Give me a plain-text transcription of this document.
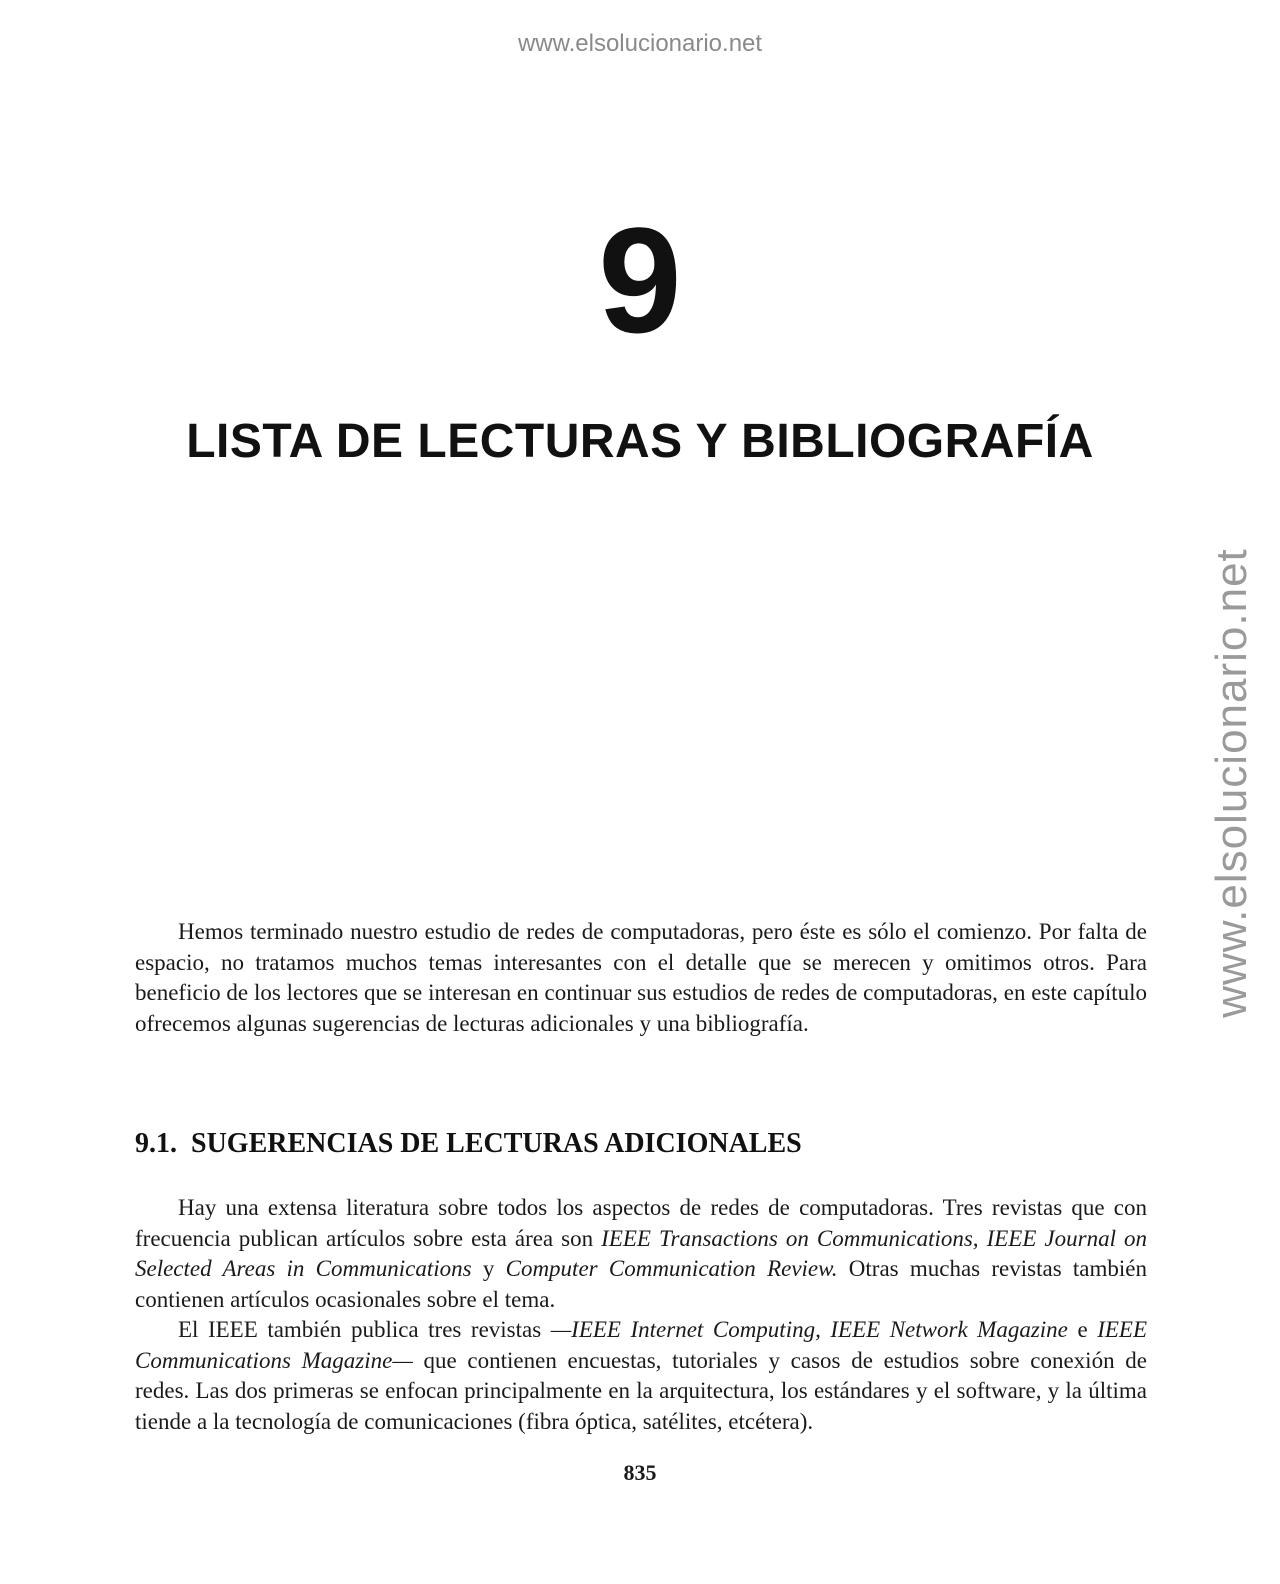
www.elsolucionario.net
www.elsolucionario.net
9
LISTA DE LECTURAS Y BIBLIOGRAFÍA

Hemos terminado nuestro estudio de redes de computadoras, pero éste es sólo el comienzo. Por falta de espacio, no tratamos muchos temas interesantes con el detalle que se merecen y omitimos otros. Para beneficio de los lectores que se interesan en continuar sus estudios de redes de computadoras, en este capítulo ofrecemos algunas sugerencias de lecturas adicionales y una bibliografía.

9.1. SUGERENCIAS DE LECTURAS ADICIONALES

Hay una extensa literatura sobre todos los aspectos de redes de computadoras. Tres revistas que con frecuencia publican artículos sobre esta área son IEEE Transactions on Communications, IEEE Journal on Selected Areas in Communications y Computer Communication Review. Otras muchas revistas también contienen artículos ocasionales sobre el tema.

El IEEE también publica tres revistas —IEEE Internet Computing, IEEE Network Magazine e IEEE Communications Magazine— que contienen encuestas, tutoriales y casos de estudios sobre conexión de redes. Las dos primeras se enfocan principalmente en la arquitectura, los estándares y el software, y la última tiende a la tecnología de comunicaciones (fibra óptica, satélites, etcétera).

835
